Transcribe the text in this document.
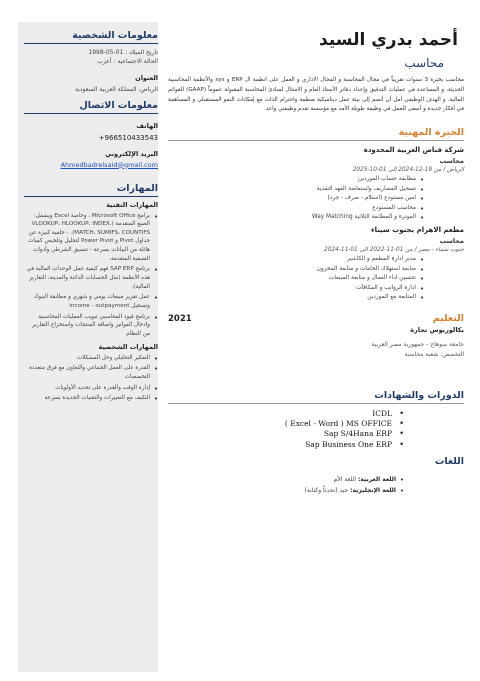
معلومات الشخصية
تاريخ الميلاد : 01-05-1998
الحالة الاجتماعية : أعزب
العنوان
الرياض، المملكة العربية السعودية
معلومات الاتصال
الهاتف
+966510433543
البريد الإلكتروني
Ahmedbadrelsaid@gmail.com
المهارات
المهارات التقنية
• برامج Microsoft Office ، وخاصة Excel ويشمل: الصيغ المتقدمة (VLOOKUP، HLOOKUP، INDEX، MATCH، SUMIFS، COUNTIFS). - خلفية كبيرة عن جداول Pivot و Power Pivot لتحليل وتلخيص كميات هائلة من البيانات بسرعة - تنسيق الشرطي وأدوات التصفية المتقدمة.
• برنامج SAP ERP فهم كيفية عمل الوحدات المالية في هذه الأنظمة (مثل الحسابات الدائنة والمدينة، التقارير المالية).
• عمل تقرير مبيعات يومي و شهري و مطابقة البنوك وتسجيل income - outpayment
• برنامج قيود المحاسبي تبويب العمليات المحاسبية وادخال الفواتير واضافة المنتجات واستخراج التقارير من النظام
المهارات الشخصية
• التفكير التحليلي وحل المشكلات
• القدرة على العمل الجماعي والتعاون مع فرق متعددة التخصصات
• إدارة الوقت والقدرة على تحديد الأولويات
• التكيف مع التغييرات والتقنيات الجديدة بسرعة
أحمد بدري السيد
محاسب
محاسب بخبرة 3 سنوات تقريباً في مجال المحاسبة و المجال الاداري و العمل على انظمة ال ERP و sys والأنظمة المحاسبية الحديثة، و المساعدة في عمليات التدقيق وإعداد دفاتر الأستاذ العام و الامتثال لمبادئ المحاسبة المقبولة عموماً (GAAP) للقوائم المالية. و الهدف الوظيفي أمل أن أنضم إلى بيئة عمل ديناميكية منظمة واحترام الذات مع إمكانات النمو المستقبلي و المساهمة في أفكار جديدة و أسعى للعمل في وظيفة طويلة الأمد مع مؤسسة تقدم وظيفتي واعد.
الخبرة المهنية
شركة قناص العربية المحدودة
محاسب
الرياض / من 19-12-2024 الى 01-10-2025
• مطابقة حساب الموردين
• تسجيل المصاريف واستعاضة العهد النقدية
• امين مستودع (استلام - صرف - جرد)
• محاسب المستودع
• الفوترة و المطابقة الثلاثية Way Matching
مطعم الاهرام بجنوب سيناء
محاسب
جنوب سيناء - مصر / من 01-11-2022 الى 01-11-2024
• مدير ادارة المطعم و الكاشير
• متابعة استهلاك الخامات و متابعة المخزون
• تحسين اداء العمال و متابعة المبيعات
• ادارة الرواتب و المكافآت
• المتابعة مع الموردين
التعليم
2021
بكالوريوس تجارة
جامعة سوهاج - جمهورية مصر العربية
التخصص: شعبة محاسبة
الدورات والشهادات
ICDL •
( Excel - Word ) MS OFFICE •
Sap S/4Hana ERP •
Sap Business One ERP •
اللغات
• اللغة العربية: اللغة الأم
• اللغة الإنجليزية: جيد (تحدثاً وكتابة)
